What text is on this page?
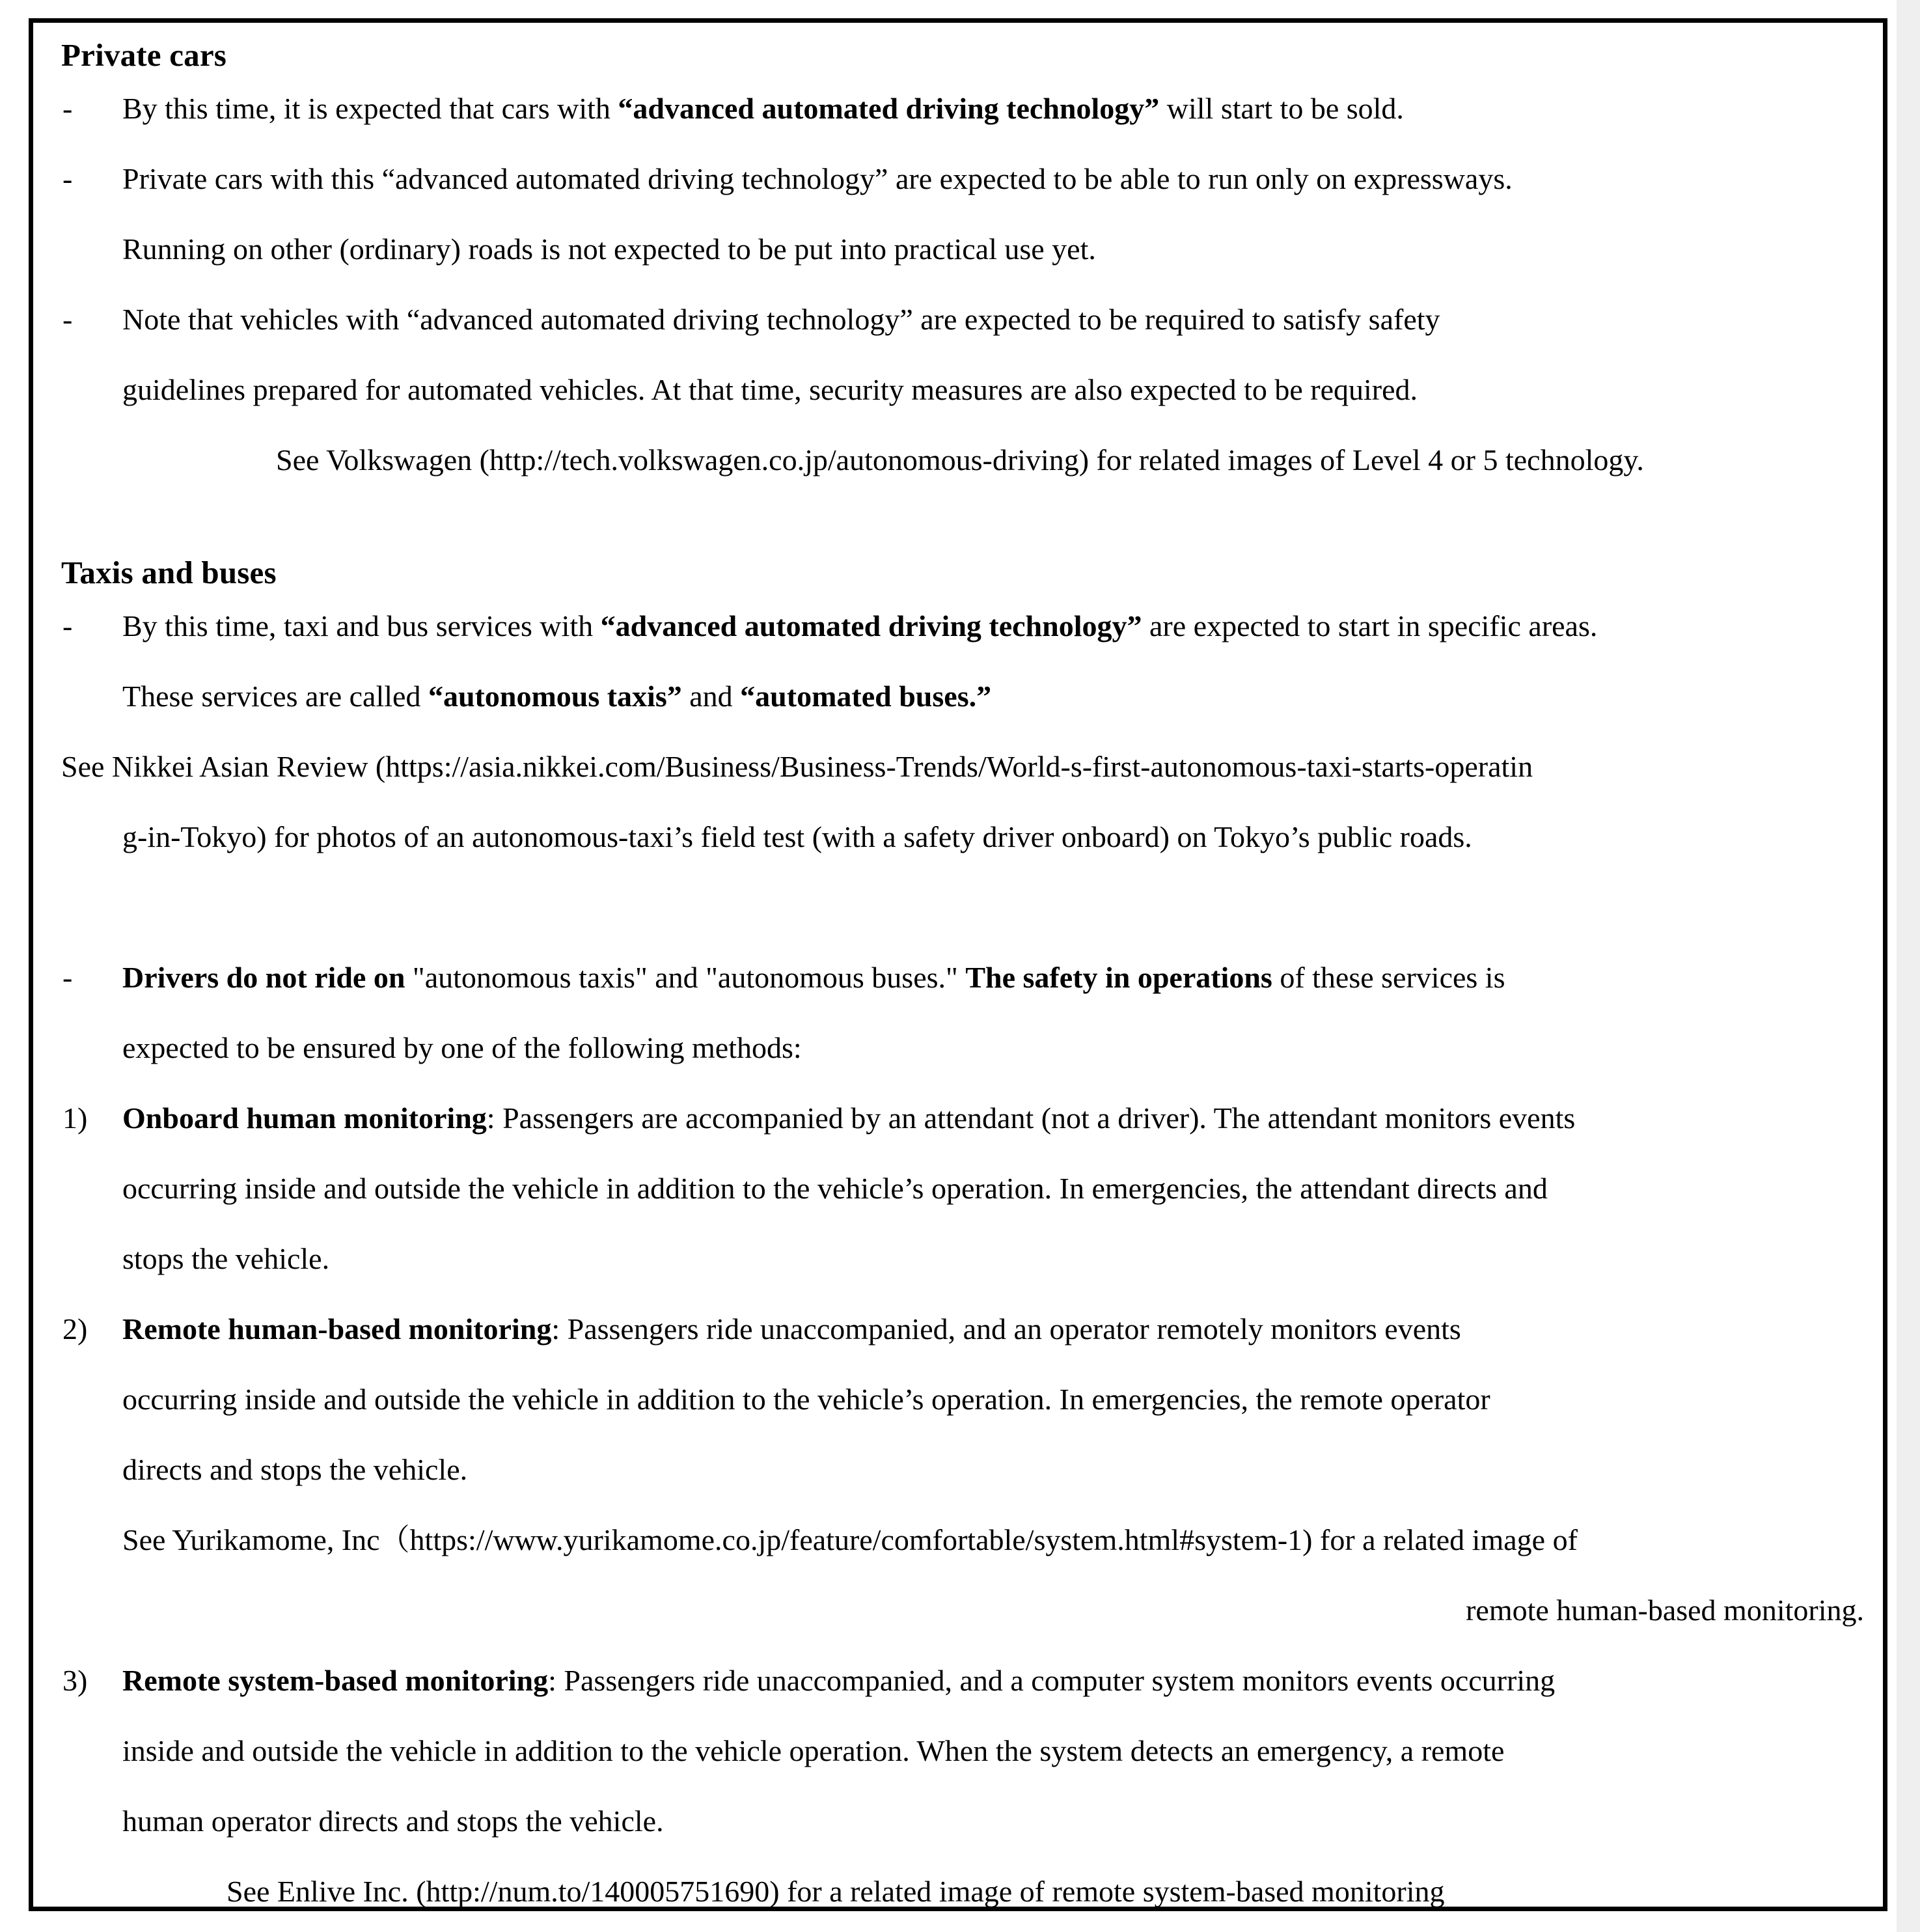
Private cars
-	By this time, it is expected that cars with “advanced automated driving technology” will start to be sold.
-	Private cars with this “advanced automated driving technology” are expected to be able to run only on expressways.
Running on other (ordinary) roads is not expected to be put into practical use yet.
-	Note that vehicles with “advanced automated driving technology” are expected to be required to satisfy safety
guidelines prepared for automated vehicles. At that time, security measures are also expected to be required.
See Volkswagen (http://tech.volkswagen.co.jp/autonomous-driving) for related images of Level 4 or 5 technology.
Taxis and buses
-	By this time, taxi and bus services with “advanced automated driving technology” are expected to start in specific areas.
These services are called “autonomous taxis” and “automated buses.”
See Nikkei Asian Review (https://asia.nikkei.com/Business/Business-Trends/World-s-first-autonomous-taxi-starts-operatin
g-in-Tokyo) for photos of an autonomous-taxi’s field test (with a safety driver onboard) on Tokyo’s public roads.
-	Drivers do not ride on "autonomous taxis" and "autonomous buses." The safety in operations of these services is
expected to be ensured by one of the following methods:
1)	Onboard human monitoring: Passengers are accompanied by an attendant (not a driver). The attendant monitors events
occurring inside and outside the vehicle in addition to the vehicle’s operation. In emergencies, the attendant directs and
stops the vehicle.
2)	Remote human-based monitoring: Passengers ride unaccompanied, and an operator remotely monitors events
occurring inside and outside the vehicle in addition to the vehicle’s operation. In emergencies, the remote operator
directs and stops the vehicle.
See Yurikamome, Inc（https://www.yurikamome.co.jp/feature/comfortable/system.html#system-1) for a related image of
remote human-based monitoring.
3)	Remote system-based monitoring: Passengers ride unaccompanied, and a computer system monitors events occurring
inside and outside the vehicle in addition to the vehicle operation. When the system detects an emergency, a remote
human operator directs and stops the vehicle.
See Enlive Inc. (http://num.to/140005751690) for a related image of remote system-based monitoring
